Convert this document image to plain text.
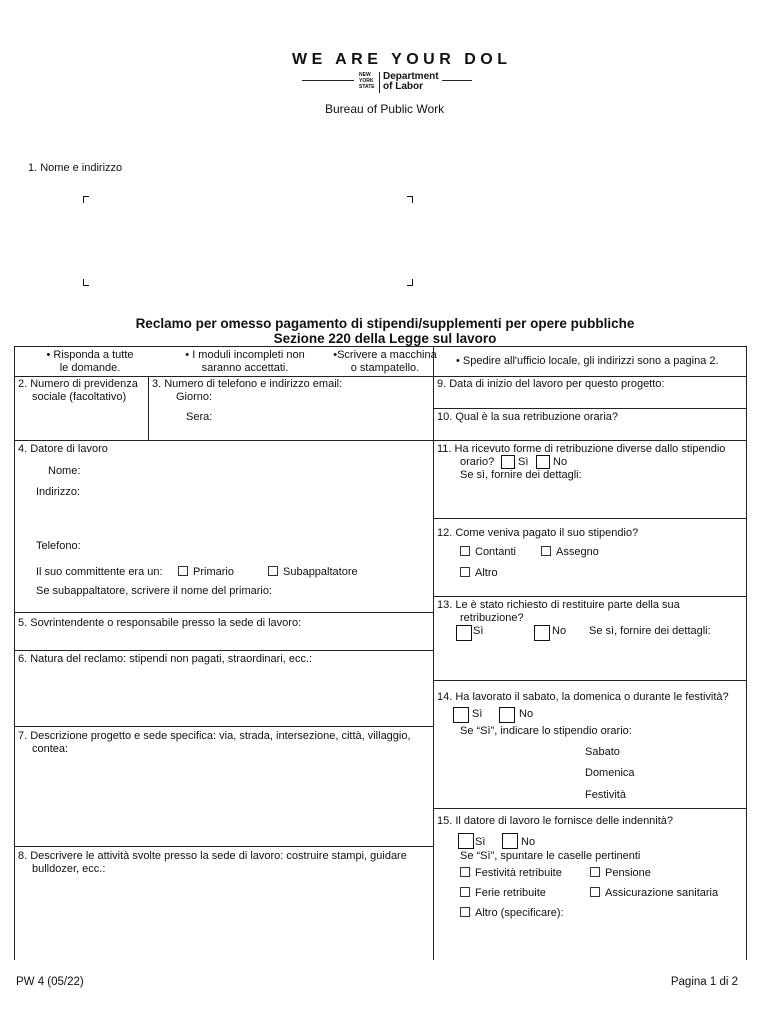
WE ARE YOUR DOL
NEW
YORK
STATE
Department
of Labor
Bureau of Public Work
1. Nome e indirizzo
Reclamo per omesso pagamento di stipendi/supplementi per opere pubbliche
Sezione 220 della Legge sul lavoro
• Risponda a tutte
le domande.
• I moduli incompleti non
saranno accettati.
•Scrivere a macchina
o stampatello.
• Spedire all'ufficio locale, gli indirizzi sono a pagina 2.
2. Numero di previdenza
sociale (facoltativo)
3. Numero di telefono e indirizzo email:
Giorno:
Sera:
9. Data di inizio del lavoro per questo progetto:
10. Qual è la sua retribuzione oraria?
4. Datore di lavoro
Nome:
Indirizzo:
Telefono:
Il suo committente era un:	Primario	Subappaltatore
Se subappaltatore, scrivere il nome del primario:
11. Ha ricevuto forme di retribuzione diverse dallo stipendio
orario? Sì No
Se sì, fornire dei dettagli:
12. Come veniva pagato il suo stipendio?
Contanti	Assegno
Altro
13. Le è stato richiesto di restituire parte della sua
retribuzione?
Sì	No Se sì, fornire dei dettagli:
5. Sovrintendente o responsabile presso la sede di lavoro:
6. Natura del reclamo: stipendi non pagati, straordinari, ecc.:
14. Ha lavorato il sabato, la domenica o durante le festività?
Sì	No
Se “Sì”, indicare lo stipendio orario:
Sabato
Domenica
Festività
7. Descrizione progetto e sede specifica: via, strada, intersezione, città, villaggio,
contea:
15. Il datore di lavoro le fornisce delle indennità?
Sì	No
Se “Sì”, spuntare le caselle pertinenti
Festività retribuite	Pensione
Ferie retribuite	Assicurazione sanitaria
Altro (specificare):
8. Descrivere le attività svolte presso la sede di lavoro: costruire stampi, guidare
bulldozer, ecc.:
PW 4 (05/22)	Pagina 1 di 2
